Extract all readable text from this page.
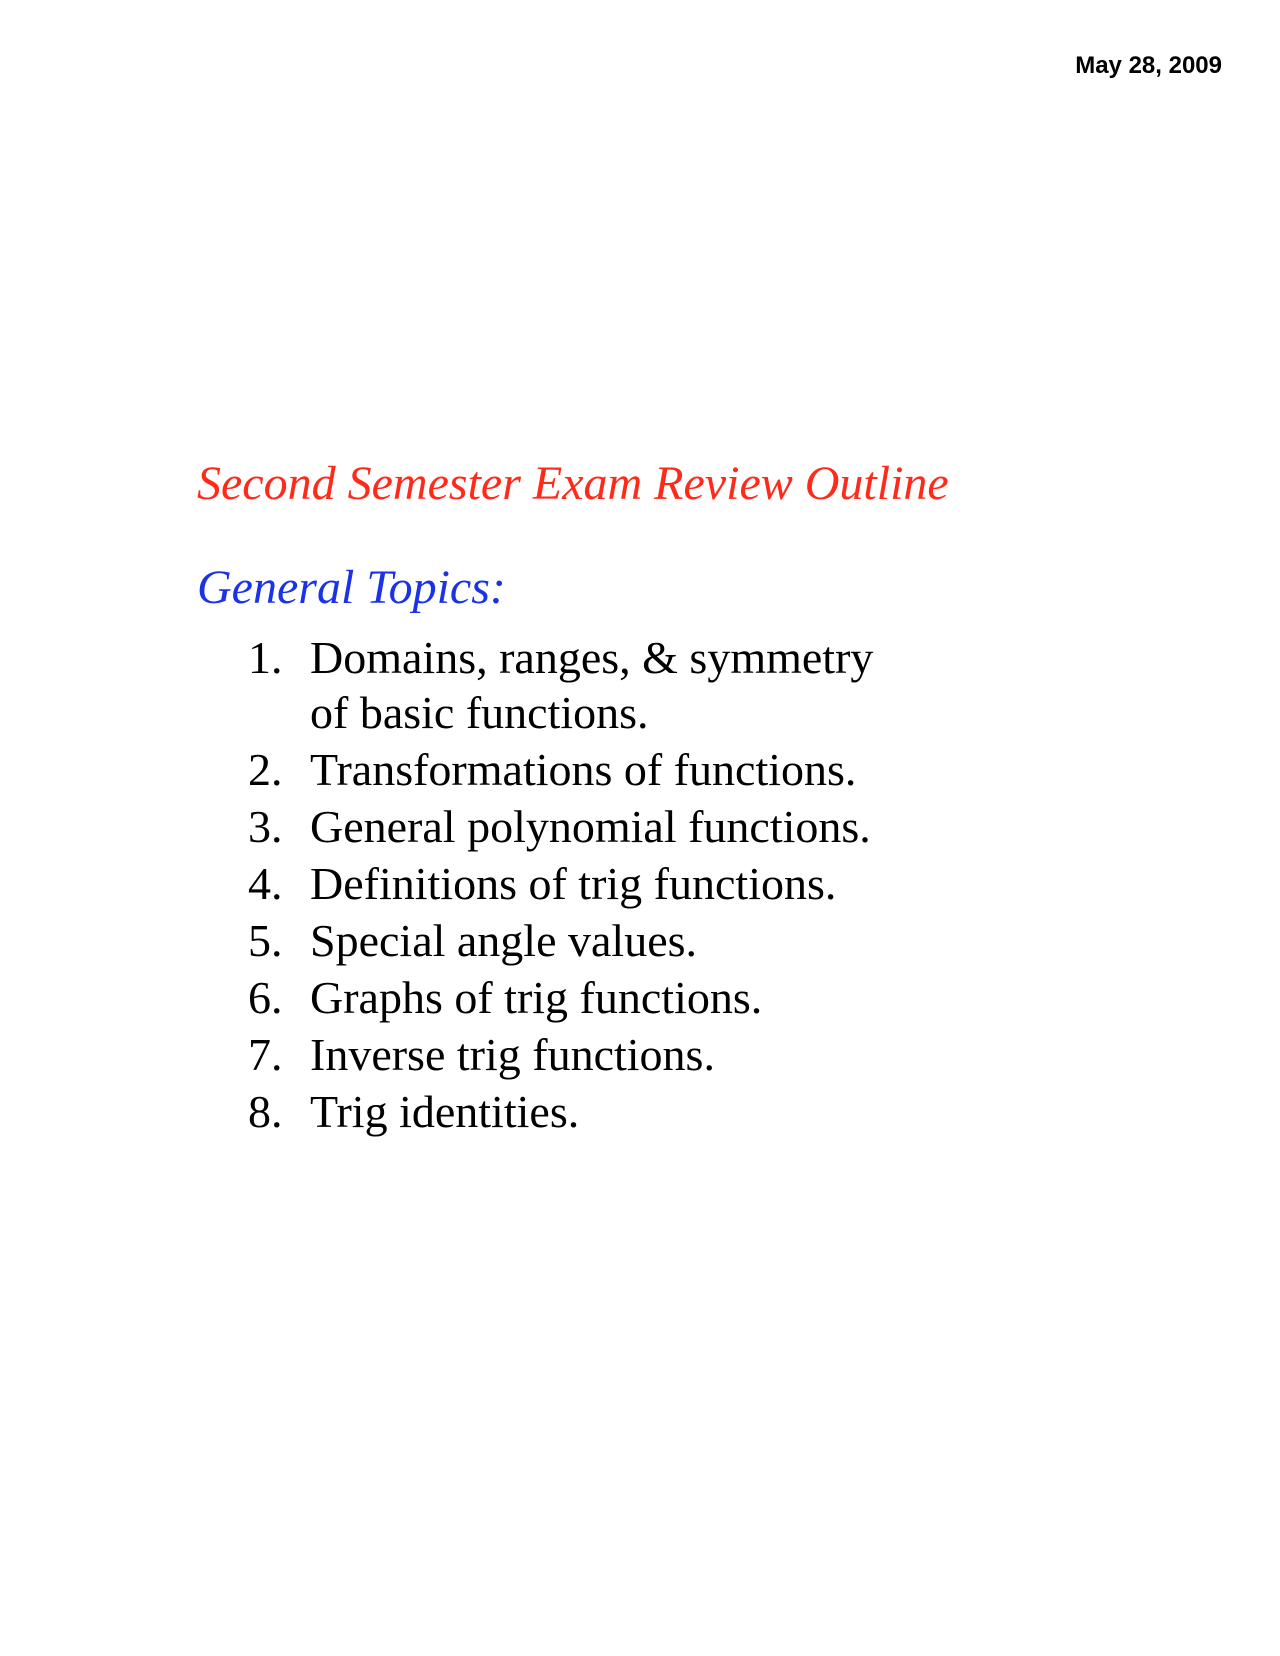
May 28, 2009
Second Semester Exam Review Outline
General Topics:
1. Domains, ranges, & symmetry
of basic functions.
2. Transformations of functions.
3. General polynomial functions.
4. Definitions of trig functions.
5. Special angle values.
6. Graphs of trig functions.
7. Inverse trig functions.
8. Trig identities.
